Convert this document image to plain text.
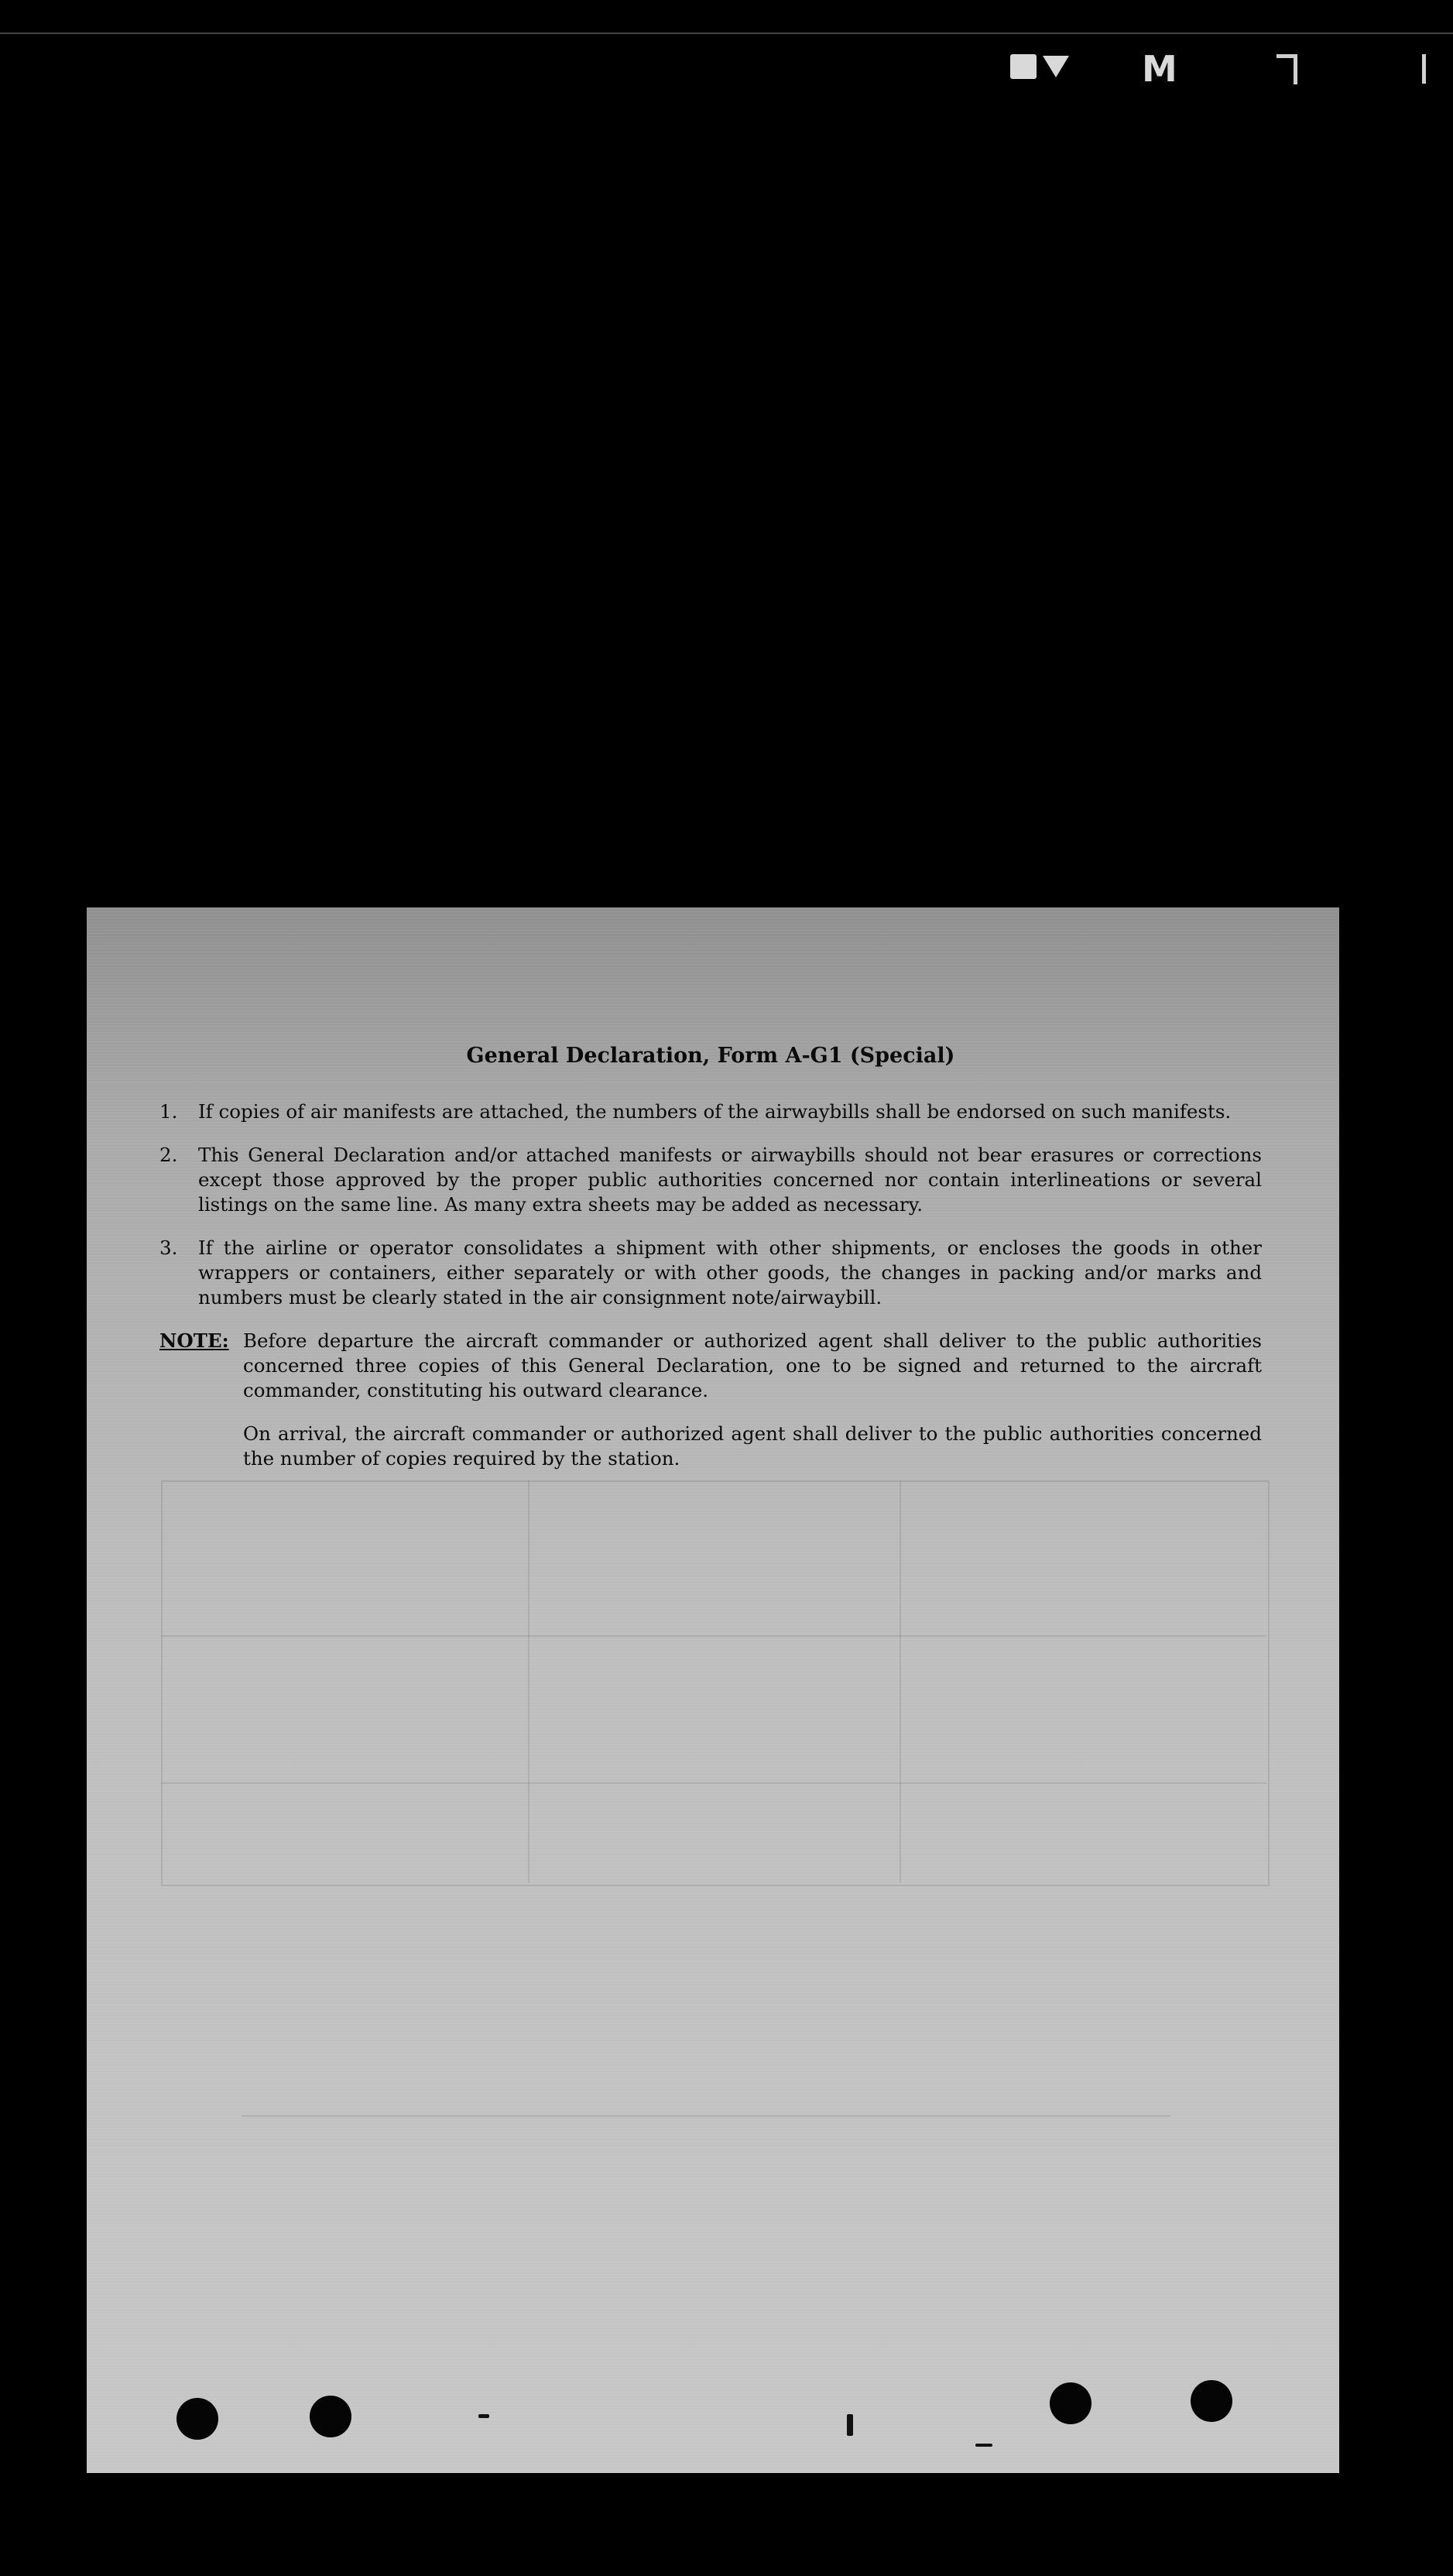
M
General Declaration, Form A-G1 (Special)
1.	If copies of air manifests are attached, the numbers of the airwaybills shall be endorsed on such manifests.
2.	This General Declaration and/or attached manifests or airwaybills should not bear erasures or corrections except those approved by the proper public authorities concerned nor contain interlineations or several listings on the same line. As many extra sheets may be added as necessary.
3.	If the airline or operator consolidates a shipment with other shipments, or encloses the goods in other wrappers or containers, either separately or with other goods, the changes in packing and/or marks and numbers must be clearly stated in the air consignment note/airwaybill.
NOTE: Before departure the aircraft commander or authorized agent shall deliver to the public authorities concerned three copies of this General Declaration, one to be signed and returned to the aircraft commander, constituting his outward clearance.

On arrival, the aircraft commander or authorized agent shall deliver to the public authorities concerned the number of copies required by the station.
